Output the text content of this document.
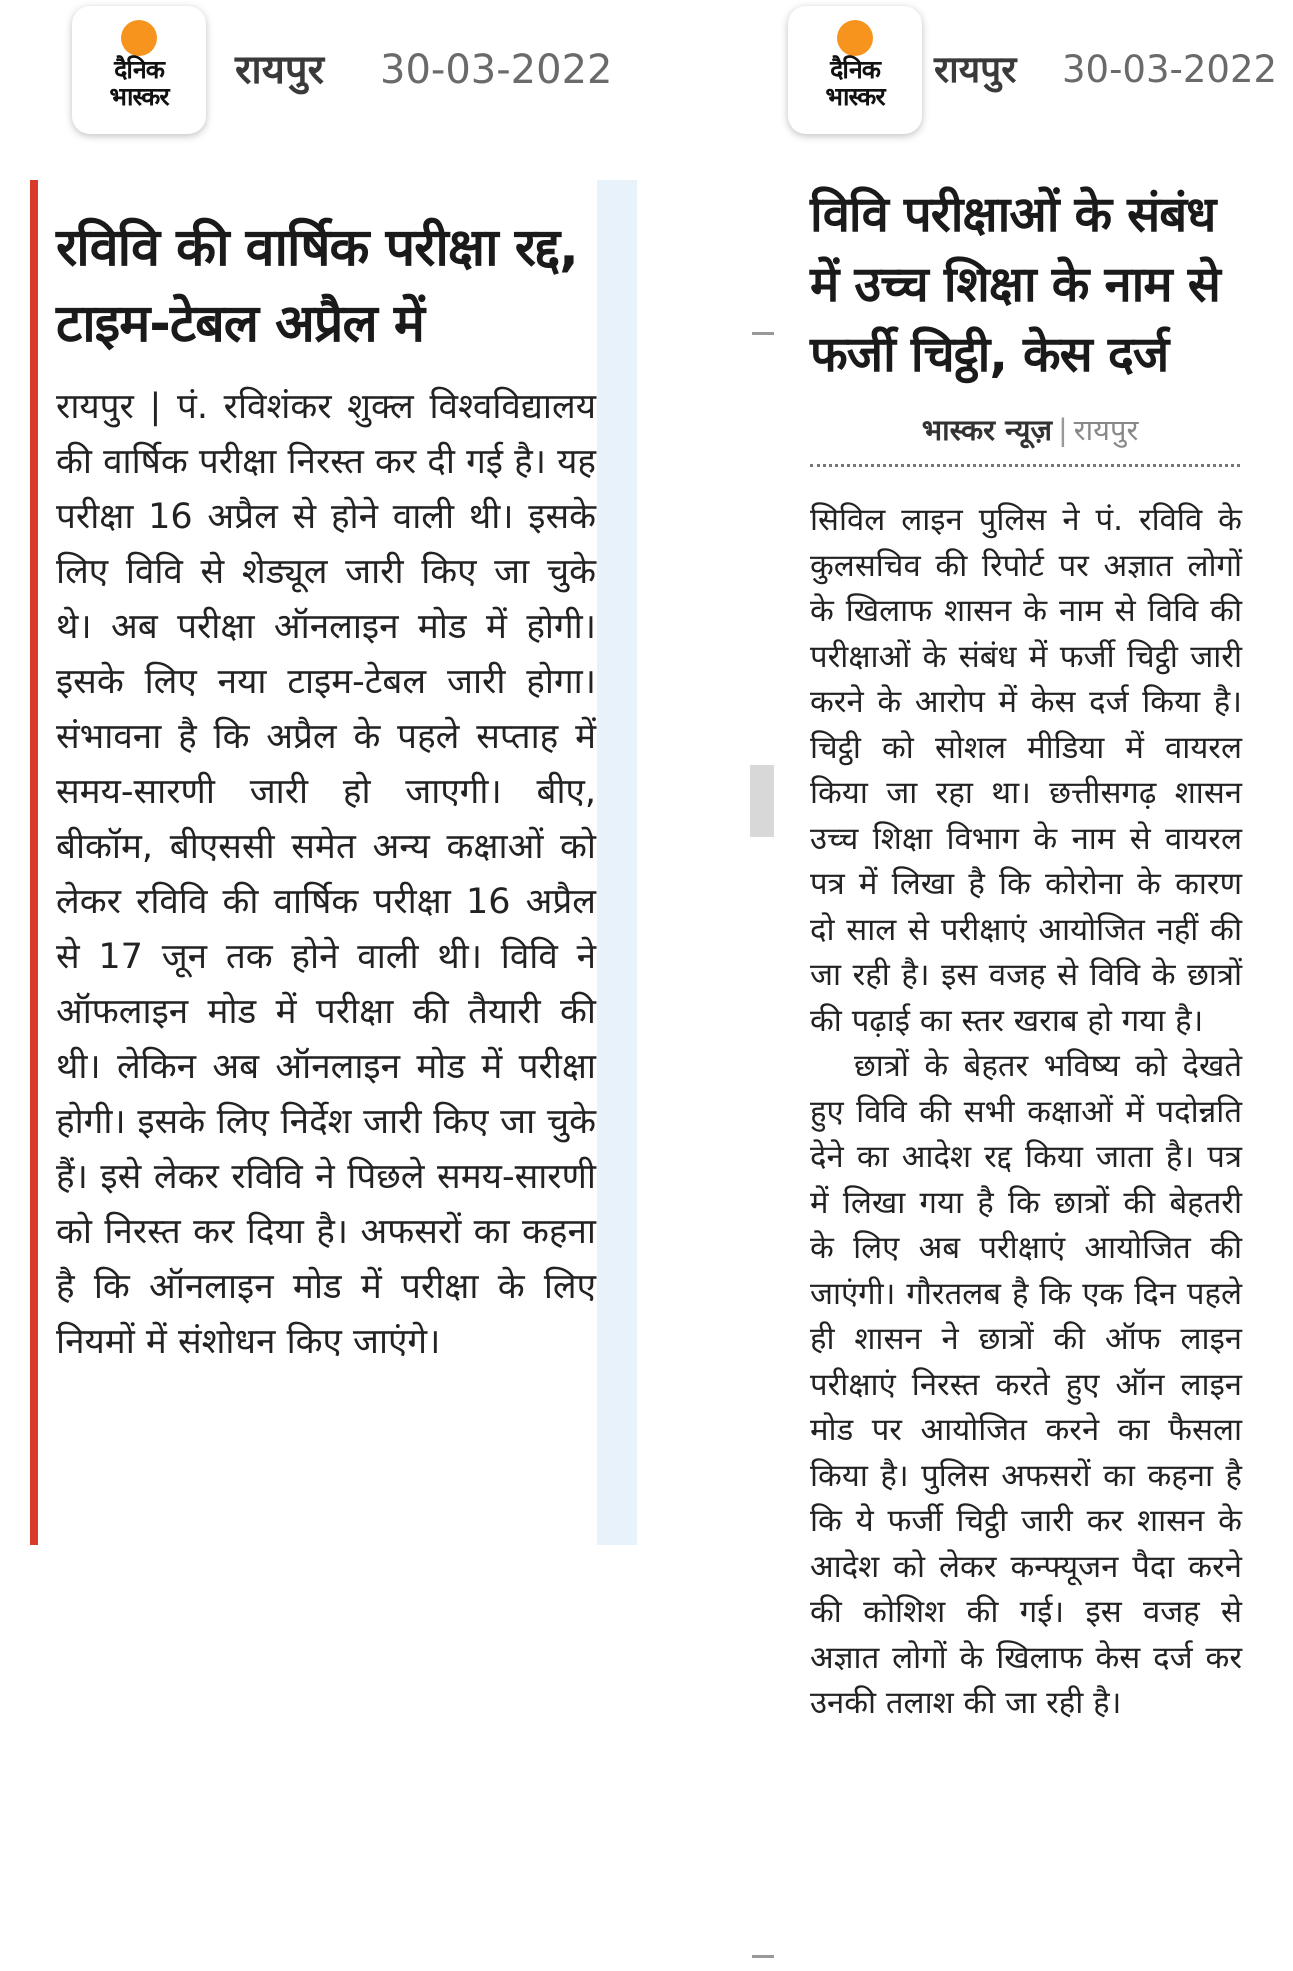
दैनिक
भास्कर
रायपुर 30-03-2022	दैनिक
भास्कर
रायपुर 30-03-2022
रविवि की वार्षिक परीक्षा रद्द, टाइम-टेबल अप्रैल में

रायपुर | पं. रविशंकर शुक्ल विश्वविद्यालय की वार्षिक परीक्षा निरस्त कर दी गई है। यह परीक्षा 16 अप्रैल से होने वाली थी। इसके लिए विवि से शेड्यूल जारी किए जा चुके थे। अब परीक्षा ऑनलाइन मोड में होगी। इसके लिए नया टाइम-टेबल जारी होगा। संभावना है कि अप्रैल के पहले सप्ताह में समय-सारणी जारी हो जाएगी। बीए, बीकॉम, बीएससी समेत अन्य कक्षाओं को लेकर रविवि की वार्षिक परीक्षा 16 अप्रैल से 17 जून तक होने वाली थी। विवि ने ऑफलाइन मोड में परीक्षा की तैयारी की थी। लेकिन अब ऑनलाइन मोड में परीक्षा होगी। इसके लिए निर्देश जारी किए जा चुके हैं। इसे लेकर रविवि ने पिछले समय-सारणी को निरस्त कर दिया है। अफसरों का कहना है कि ऑनलाइन मोड में परीक्षा के लिए नियमों में संशोधन किए जाएंगे।

विवि परीक्षाओं के संबंध में उच्च शिक्षा के नाम से फर्जी चिट्ठी, केस दर्ज
भास्कर न्यूज़ | रायपुर

सिविल लाइन पुलिस ने पं. रविवि के कुलसचिव की रिपोर्ट पर अज्ञात लोगों के खिलाफ शासन के नाम से विवि की परीक्षाओं के संबंध में फर्जी चिट्ठी जारी करने के आरोप में केस दर्ज किया है। चिट्ठी को सोशल मीडिया में वायरल किया जा रहा था। छत्तीसगढ़ शासन उच्च शिक्षा विभाग के नाम से वायरल पत्र में लिखा है कि कोरोना के कारण दो साल से परीक्षाएं आयोजित नहीं की जा रही है। इस वजह से विवि के छात्रों की पढ़ाई का स्तर खराब हो गया है।

छात्रों के बेहतर भविष्य को देखते हुए विवि की सभी कक्षाओं में पदोन्नति देने का आदेश रद्द किया जाता है। पत्र में लिखा गया है कि छात्रों की बेहतरी के लिए अब परीक्षाएं आयोजित की जाएंगी। गौरतलब है कि एक दिन पहले ही शासन ने छात्रों की ऑफ लाइन परीक्षाएं निरस्त करते हुए ऑन लाइन मोड पर आयोजित करने का फैसला किया है। पुलिस अफसरों का कहना है कि ये फर्जी चिट्ठी जारी कर शासन के आदेश को लेकर कन्फ्यूजन पैदा करने की कोशिश की गई। इस वजह से अज्ञात लोगों के खिलाफ केस दर्ज कर उनकी तलाश की जा रही है।
